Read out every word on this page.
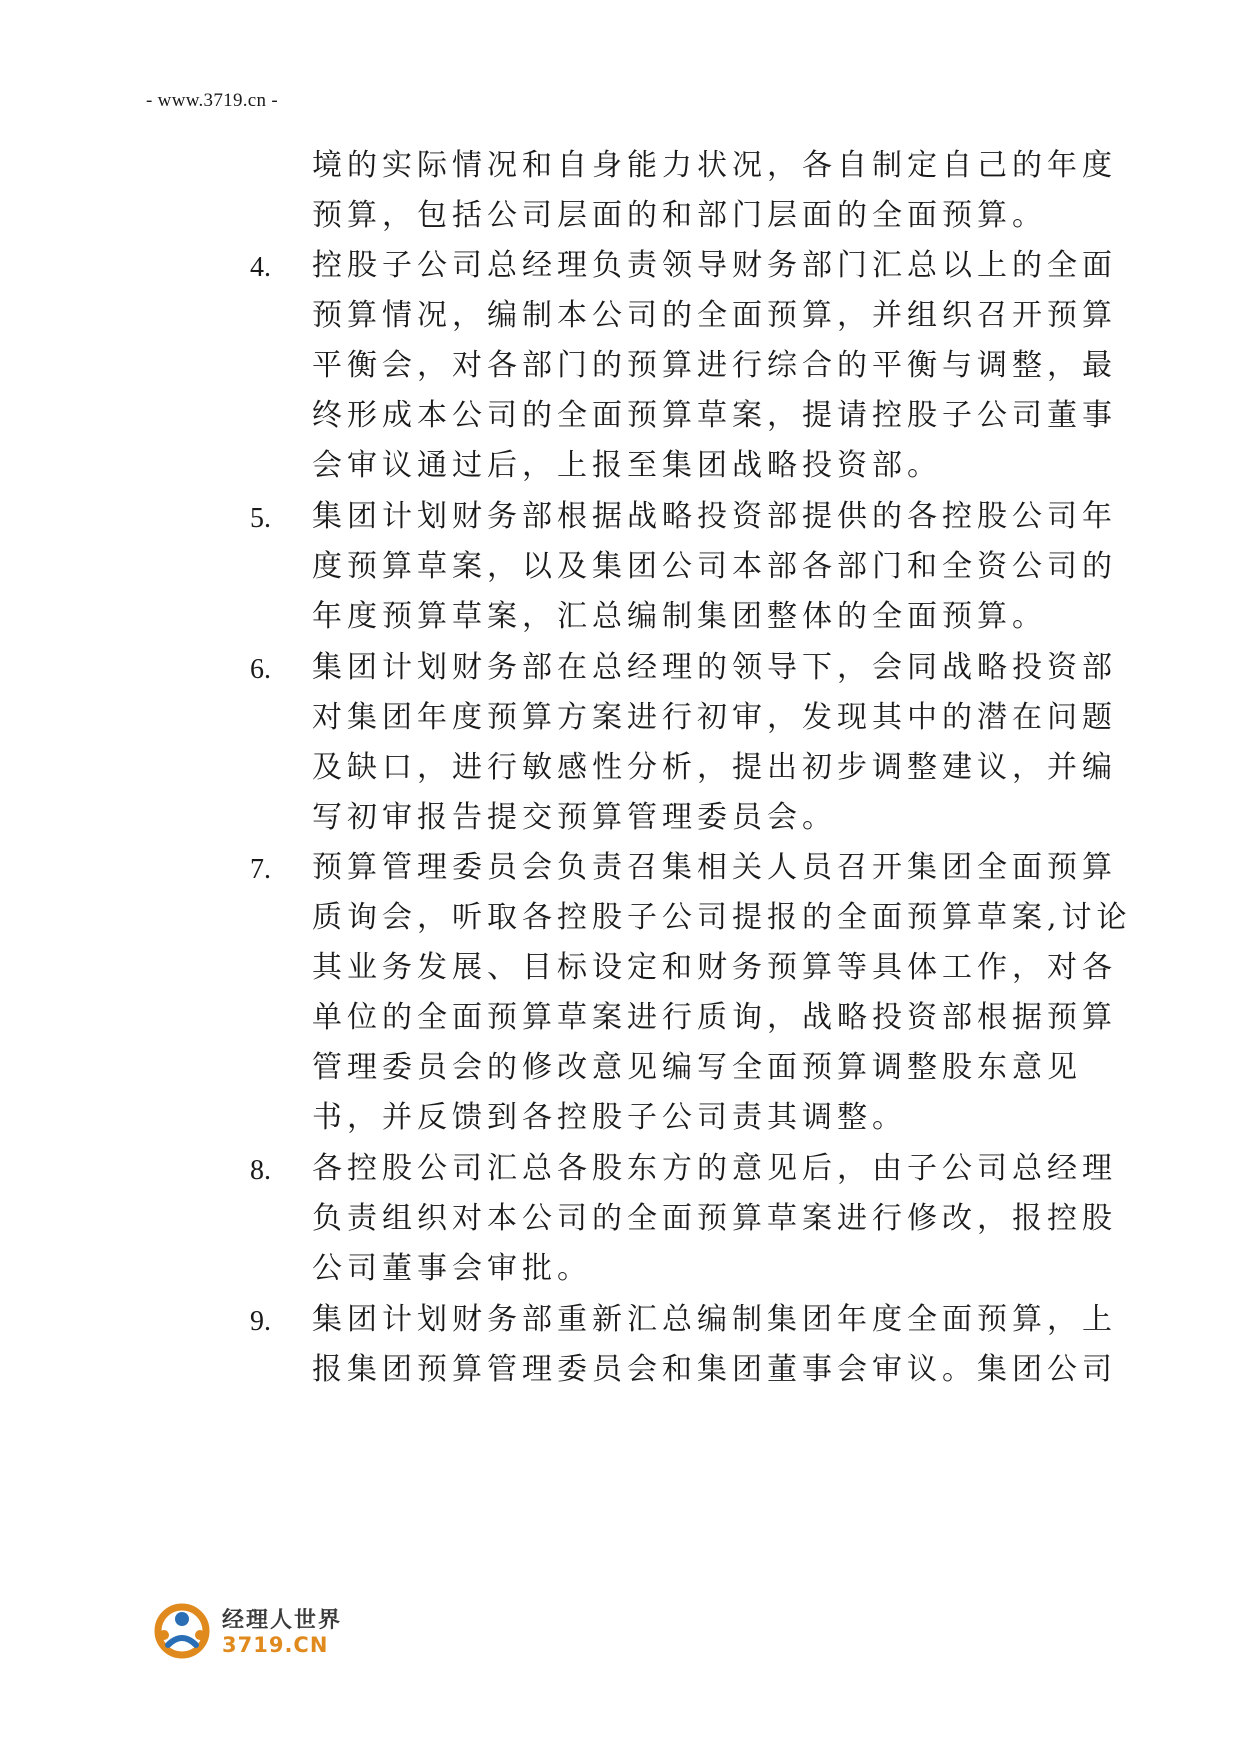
- www.3719.cn -
境的实际情况和自身能力状况，各自制定自己的年度
预算，包括公司层面的和部门层面的全面预算。
4. 控股子公司总经理负责领导财务部门汇总以上的全面
预算情况，编制本公司的全面预算，并组织召开预算
平衡会，对各部门的预算进行综合的平衡与调整，最
终形成本公司的全面预算草案，提请控股子公司董事
会审议通过后，上报至集团战略投资部。
5. 集团计划财务部根据战略投资部提供的各控股公司年
度预算草案，以及集团公司本部各部门和全资公司的
年度预算草案，汇总编制集团整体的全面预算。
6. 集团计划财务部在总经理的领导下，会同战略投资部
对集团年度预算方案进行初审，发现其中的潜在问题
及缺口，进行敏感性分析，提出初步调整建议，并编
写初审报告提交预算管理委员会。
7. 预算管理委员会负责召集相关人员召开集团全面预算
质询会，听取各控股子公司提报的全面预算草案,讨论
其业务发展、目标设定和财务预算等具体工作，对各
单位的全面预算草案进行质询，战略投资部根据预算
管理委员会的修改意见编写全面预算调整股东意见
书，并反馈到各控股子公司责其调整。
8. 各控股公司汇总各股东方的意见后，由子公司总经理
负责组织对本公司的全面预算草案进行修改，报控股
公司董事会审批。
9. 集团计划财务部重新汇总编制集团年度全面预算，上
报集团预算管理委员会和集团董事会审议。集团公司
经理人世界
3719.CN
